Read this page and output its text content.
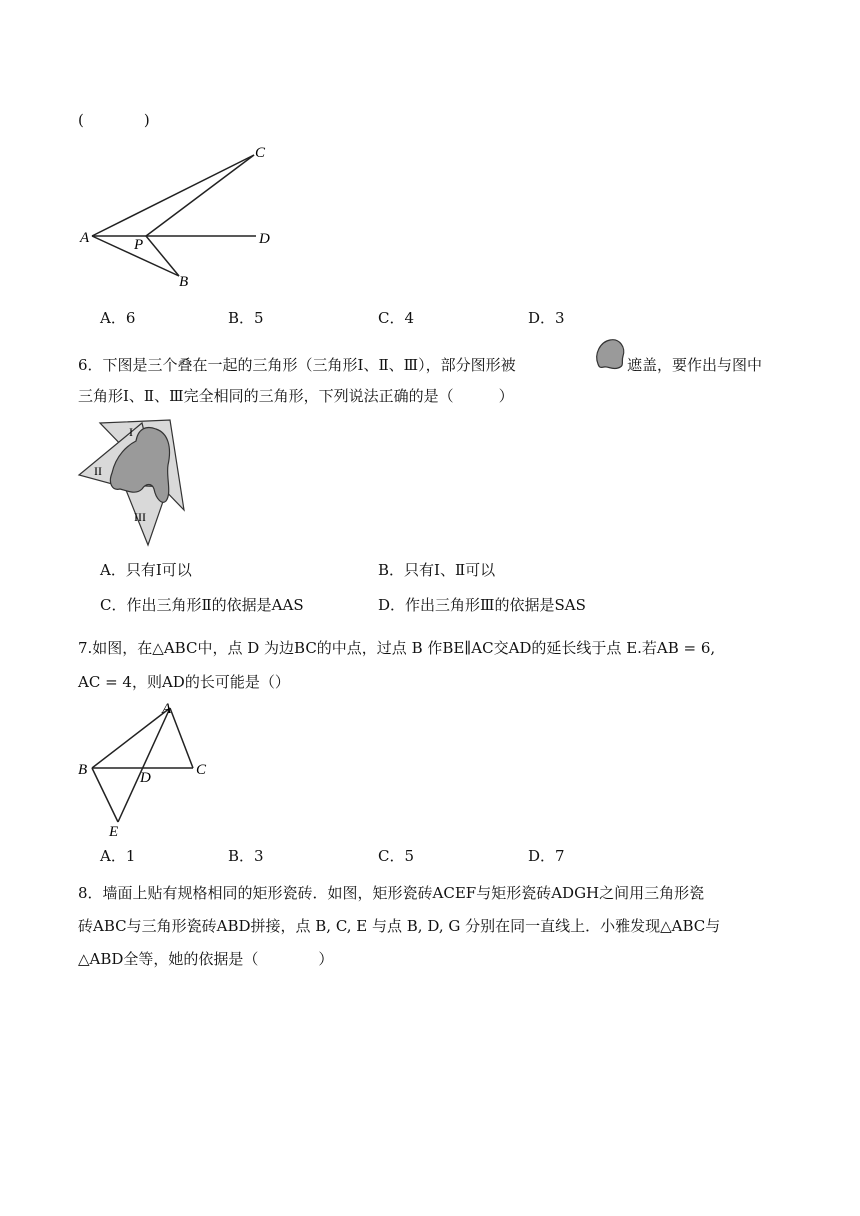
(　　　　)
C
A	D
P
B
A．6	B．5	C．4	D．3
6．下图是三个叠在一起的三角形（三角形Ⅰ、Ⅱ、Ⅲ），部分图形被	遮盖，要作出与图中
三角形Ⅰ、Ⅱ、Ⅲ完全相同的三角形，下列说法正确的是（　　　）
I
II
III
A．只有Ⅰ可以	B．只有Ⅰ、Ⅱ可以
C．作出三角形Ⅱ的依据是AAS	D．作出三角形Ⅲ的依据是SAS
7.如图，在△ABC中，点 D 为边BC的中点，过点 B 作BE∥AC交AD的延长线于点 E.若AB = 6,
AC = 4，则AD的长可能是（）
A
B	C
D
E
A．1	B．3	C．5	D．7
8．墙面上贴有规格相同的矩形瓷砖．如图，矩形瓷砖ACEF与矩形瓷砖ADGH之间用三角形瓷
砖ABC与三角形瓷砖ABD拼接，点 B, C, E 与点 B, D, G 分别在同一直线上．小雅发现△ABC与
△ABD全等，她的依据是（　　　　）
